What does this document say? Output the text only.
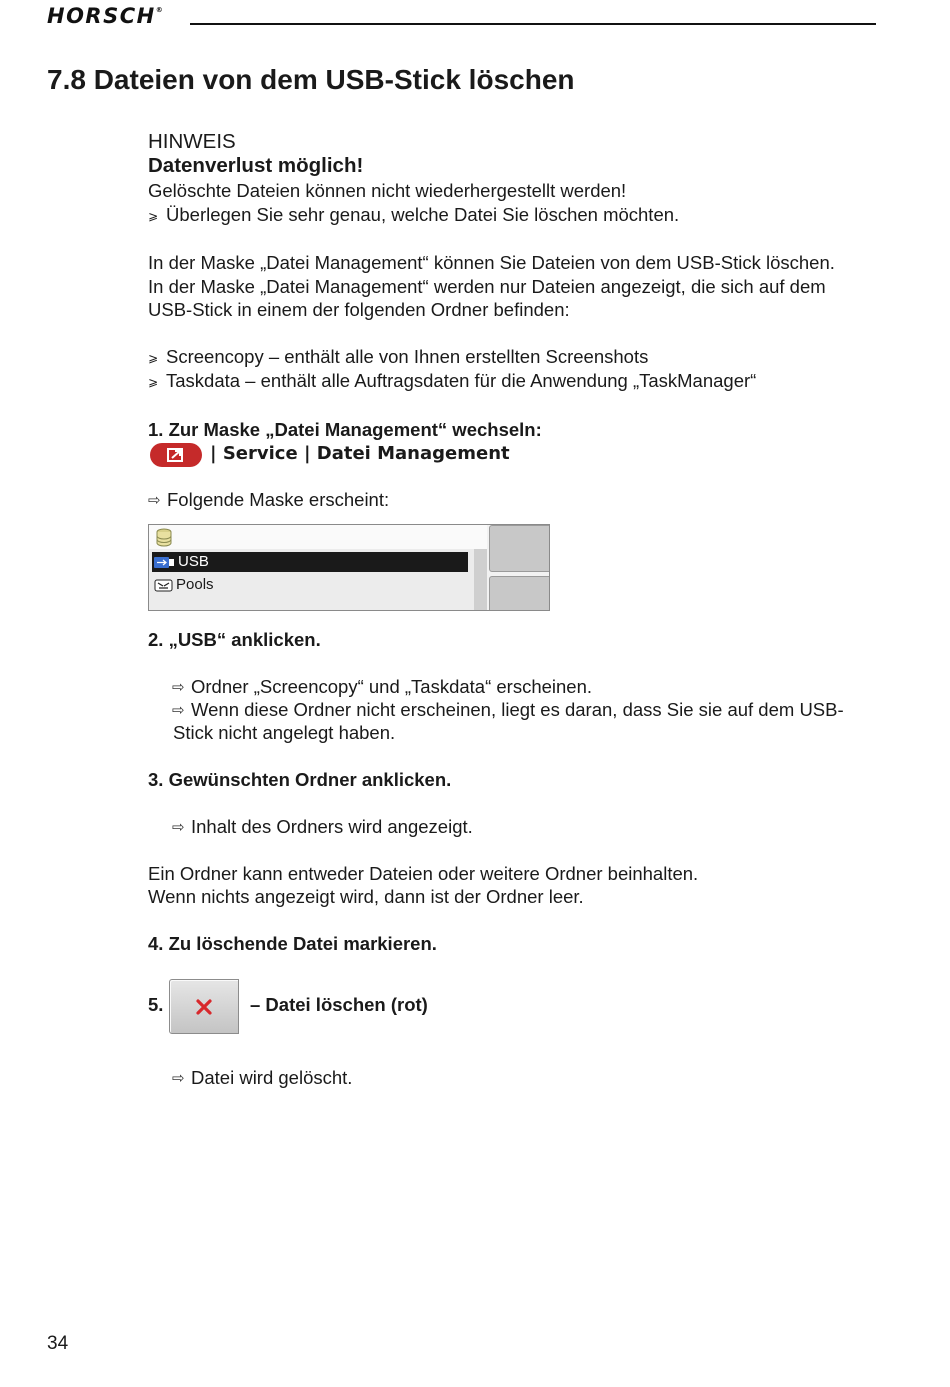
HORSCH®
7.8 Dateien von dem USB-Stick löschen
HINWEIS
Datenverlust möglich!
Gelöschte Dateien können nicht wiederhergestellt werden!
⩾ Überlegen Sie sehr genau, welche Datei Sie löschen möchten.
In der Maske „Datei Management“ können Sie Dateien von dem USB-Stick löschen.
In der Maske „Datei Management“ werden nur Dateien angezeigt, die sich auf dem
USB-Stick in einem der folgenden Ordner befinden:
⩾ Screencopy – enthält alle von Ihnen erstellten Screenshots
⩾ Taskdata – enthält alle Auftragsdaten für die Anwendung „TaskManager“
1. Zur Maske „Datei Management“ wechseln:
| Service | Datei Management
⇨ Folgende Maske erscheint:
USB
Pools
2. „USB“ anklicken.
⇨ Ordner „Screencopy“ und „Taskdata“ erscheinen.
⇨ Wenn diese Ordner nicht erscheinen, liegt es daran, dass Sie sie auf dem USB-
Stick nicht angelegt haben.
3. Gewünschten Ordner anklicken.
⇨ Inhalt des Ordners wird angezeigt.
Ein Ordner kann entweder Dateien oder weitere Ordner beinhalten.
Wenn nichts angezeigt wird, dann ist der Ordner leer.
4. Zu löschende Datei markieren.
5.	– Datei löschen (rot)
⇨ Datei wird gelöscht.
34
